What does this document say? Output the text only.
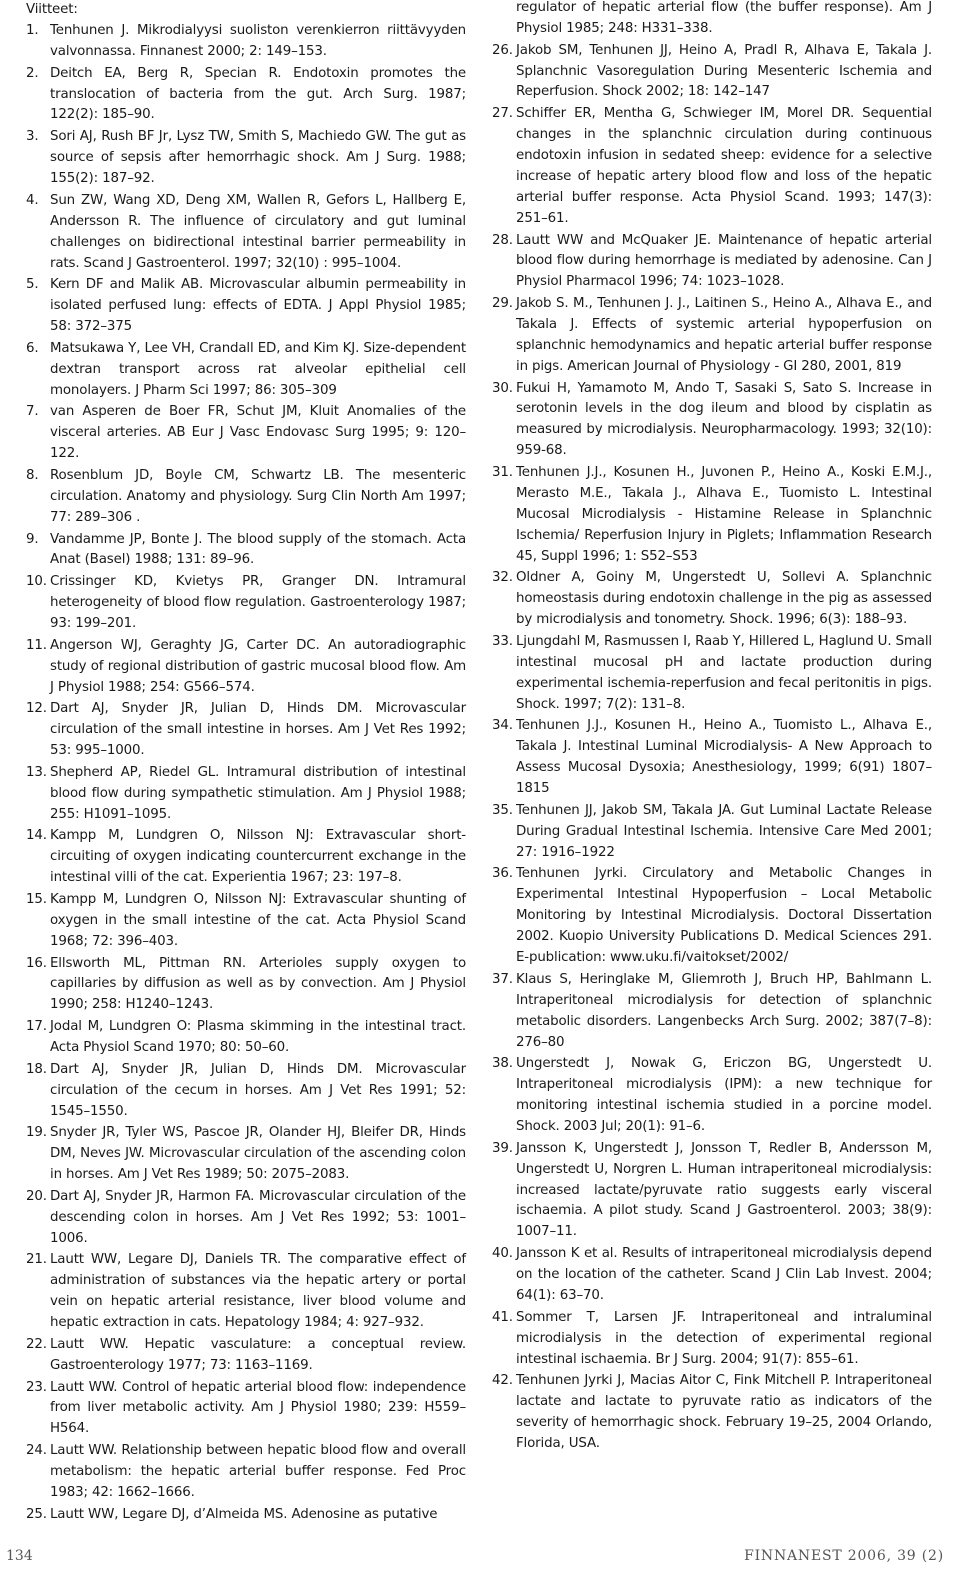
Viitteet:
1. Tenhunen J. Mikrodialyysi suoliston verenkierron riittävyyden valvonnassa. Finnanest 2000; 2: 149–153.
2. Deitch EA, Berg R, Specian R. Endotoxin promotes the translocation of bacteria from the gut. Arch Surg. 1987; 122(2): 185–90.
3. Sori AJ, Rush BF Jr, Lysz TW, Smith S, Machiedo GW. The gut as source of sepsis after hemorrhagic shock. Am J Surg. 1988; 155(2): 187–92.
4. Sun ZW, Wang XD, Deng XM, Wallen R, Gefors L, Hallberg E, Andersson R. The influence of circulatory and gut luminal challenges on bidirectional intestinal barrier permeability in rats. Scand J Gastroenterol. 1997; 32(10) : 995–1004.
5. Kern DF and Malik AB. Microvascular albumin permeability in isolated perfused lung: effects of EDTA. J Appl Physiol 1985; 58: 372–375
6. Matsukawa Y, Lee VH, Crandall ED, and Kim KJ. Size-dependent dextran transport across rat alveolar epithelial cell monolayers. J Pharm Sci 1997; 86: 305–309
7. van Asperen de Boer FR, Schut JM, Kluit Anomalies of the visceral arteries. AB Eur J Vasc Endovasc Surg 1995; 9: 120–122.
8. Rosenblum JD, Boyle CM, Schwartz LB. The mesenteric circulation. Anatomy and physiology. Surg Clin North Am 1997; 77: 289–306 .
9. Vandamme JP, Bonte J. The blood supply of the stomach. Acta Anat (Basel) 1988; 131: 89–96.
10. Crissinger KD, Kvietys PR, Granger DN. Intramural heterogeneity of blood flow regulation. Gastroenterology 1987; 93: 199–201.
11. Angerson WJ, Geraghty JG, Carter DC. An autoradiographic study of regional distribution of gastric mucosal blood flow. Am J Physiol 1988; 254: G566–574.
12. Dart AJ, Snyder JR, Julian D, Hinds DM. Microvascular circulation of the small intestine in horses. Am J Vet Res 1992; 53: 995–1000.
13. Shepherd AP, Riedel GL. Intramural distribution of intestinal blood flow during sympathetic stimulation. Am J Physiol 1988; 255: H1091–1095.
14. Kampp M, Lundgren O, Nilsson NJ: Extravascular short-circuiting of oxygen indicating countercurrent exchange in the intestinal villi of the cat. Experientia 1967; 23: 197–8.
15. Kampp M, Lundgren O, Nilsson NJ: Extravascular shunting of oxygen in the small intestine of the cat. Acta Physiol Scand 1968; 72: 396–403.
16. Ellsworth ML, Pittman RN. Arterioles supply oxygen to capillaries by diffusion as well as by convection. Am J Physiol 1990; 258: H1240–1243.
17. Jodal M, Lundgren O: Plasma skimming in the intestinal tract. Acta Physiol Scand 1970; 80: 50–60.
18. Dart AJ, Snyder JR, Julian D, Hinds DM. Microvascular circulation of the cecum in horses. Am J Vet Res 1991; 52: 1545–1550.
19. Snyder JR, Tyler WS, Pascoe JR, Olander HJ, Bleifer DR, Hinds DM, Neves JW. Microvascular circulation of the ascending colon in horses. Am J Vet Res 1989; 50: 2075–2083.
20. Dart AJ, Snyder JR, Harmon FA. Microvascular circulation of the descending colon in horses. Am J Vet Res 1992; 53: 1001–1006.
21. Lautt WW, Legare DJ, Daniels TR. The comparative effect of administration of substances via the hepatic artery or portal vein on hepatic arterial resistance, liver blood volume and hepatic extraction in cats. Hepatology 1984; 4: 927–932.
22. Lautt WW. Hepatic vasculature: a conceptual review. Gastroenterology 1977; 73: 1163–1169.
23. Lautt WW. Control of hepatic arterial blood flow: independence from liver metabolic activity. Am J Physiol 1980; 239: H559–H564.
24. Lautt WW. Relationship between hepatic blood flow and overall metabolism: the hepatic arterial buffer response. Fed Proc 1983; 42: 1662–1666.
25. Lautt WW, Legare DJ, d’Almeida MS. Adenosine as putative
regulator of hepatic arterial flow (the buffer response). Am J Physiol 1985; 248: H331–338.
26. Jakob SM, Tenhunen JJ, Heino A, Pradl R, Alhava E, Takala J. Splanchnic Vasoregulation During Mesenteric Ischemia and Reperfusion. Shock 2002; 18: 142–147
27. Schiffer ER, Mentha G, Schwieger IM, Morel DR. Sequential changes in the splanchnic circulation during continuous endotoxin infusion in sedated sheep: evidence for a selective increase of hepatic artery blood flow and loss of the hepatic arterial buffer response. Acta Physiol Scand. 1993; 147(3): 251–61.
28. Lautt WW and McQuaker JE. Maintenance of hepatic arterial blood flow during hemorrhage is mediated by adenosine. Can J Physiol Pharmacol 1996; 74: 1023–1028.
29. Jakob S. M., Tenhunen J. J., Laitinen S., Heino A., Alhava E., and Takala J. Effects of systemic arterial hypoperfusion on splanchnic hemodynamics and hepatic arterial buffer response in pigs. American Journal of Physiology - GI 280, 2001, 819
30. Fukui H, Yamamoto M, Ando T, Sasaki S, Sato S. Increase in serotonin levels in the dog ileum and blood by cisplatin as measured by microdialysis. Neuropharmacology. 1993; 32(10): 959-68.
31. Tenhunen J.J., Kosunen H., Juvonen P., Heino A., Koski E.M.J., Merasto M.E., Takala J., Alhava E., Tuomisto L. Intestinal Mucosal Microdialysis - Histamine Release in Splanchnic Ischemia/ Reperfusion Injury in Piglets; Inflammation Research 45, Suppl 1996; 1: S52–S53
32. Oldner A, Goiny M, Ungerstedt U, Sollevi A. Splanchnic homeostasis during endotoxin challenge in the pig as assessed by microdialysis and tonometry. Shock. 1996; 6(3): 188–93.
33. Ljungdahl M, Rasmussen I, Raab Y, Hillered L, Haglund U. Small intestinal mucosal pH and lactate production during experimental ischemia-reperfusion and fecal peritonitis in pigs. Shock. 1997; 7(2): 131–8.
34. Tenhunen J.J., Kosunen H., Heino A., Tuomisto L., Alhava E., Takala J. Intestinal Luminal Microdialysis- A New Approach to Assess Mucosal Dysoxia; Anesthesiology, 1999; 6(91) 1807–1815
35. Tenhunen JJ, Jakob SM, Takala JA. Gut Luminal Lactate Release During Gradual Intestinal Ischemia. Intensive Care Med 2001; 27: 1916–1922
36. Tenhunen Jyrki. Circulatory and Metabolic Changes in Experimental Intestinal Hypoperfusion – Local Metabolic Monitoring by Intestinal Microdialysis. Doctoral Dissertation 2002. Kuopio University Publications D. Medical Sciences 291. E-publication: www.uku.fi/vaitokset/2002/
37. Klaus S, Heringlake M, Gliemroth J, Bruch HP, Bahlmann L. Intraperitoneal microdialysis for detection of splanchnic metabolic disorders. Langenbecks Arch Surg. 2002; 387(7–8): 276–80
38. Ungerstedt J, Nowak G, Ericzon BG, Ungerstedt U. Intraperitoneal microdialysis (IPM): a new technique for monitoring intestinal ischemia studied in a porcine model. Shock. 2003 Jul; 20(1): 91–6.
39. Jansson K, Ungerstedt J, Jonsson T, Redler B, Andersson M, Ungerstedt U, Norgren L. Human intraperitoneal microdialysis: increased lactate/pyruvate ratio suggests early visceral ischaemia. A pilot study. Scand J Gastroenterol. 2003; 38(9): 1007–11.
40. Jansson K et al. Results of intraperitoneal microdialysis depend on the location of the catheter. Scand J Clin Lab Invest. 2004; 64(1): 63–70.
41. Sommer T, Larsen JF. Intraperitoneal and intraluminal microdialysis in the detection of experimental regional intestinal ischaemia. Br J Surg. 2004; 91(7): 855–61.
42. Tenhunen Jyrki J, Macias Aitor C, Fink Mitchell P. Intraperitoneal lactate and lactate to pyruvate ratio as indicators of the severity of hemorrhagic shock. February 19–25, 2004 Orlando, Florida, USA.
134	FINNANEST 2006, 39 (2)
